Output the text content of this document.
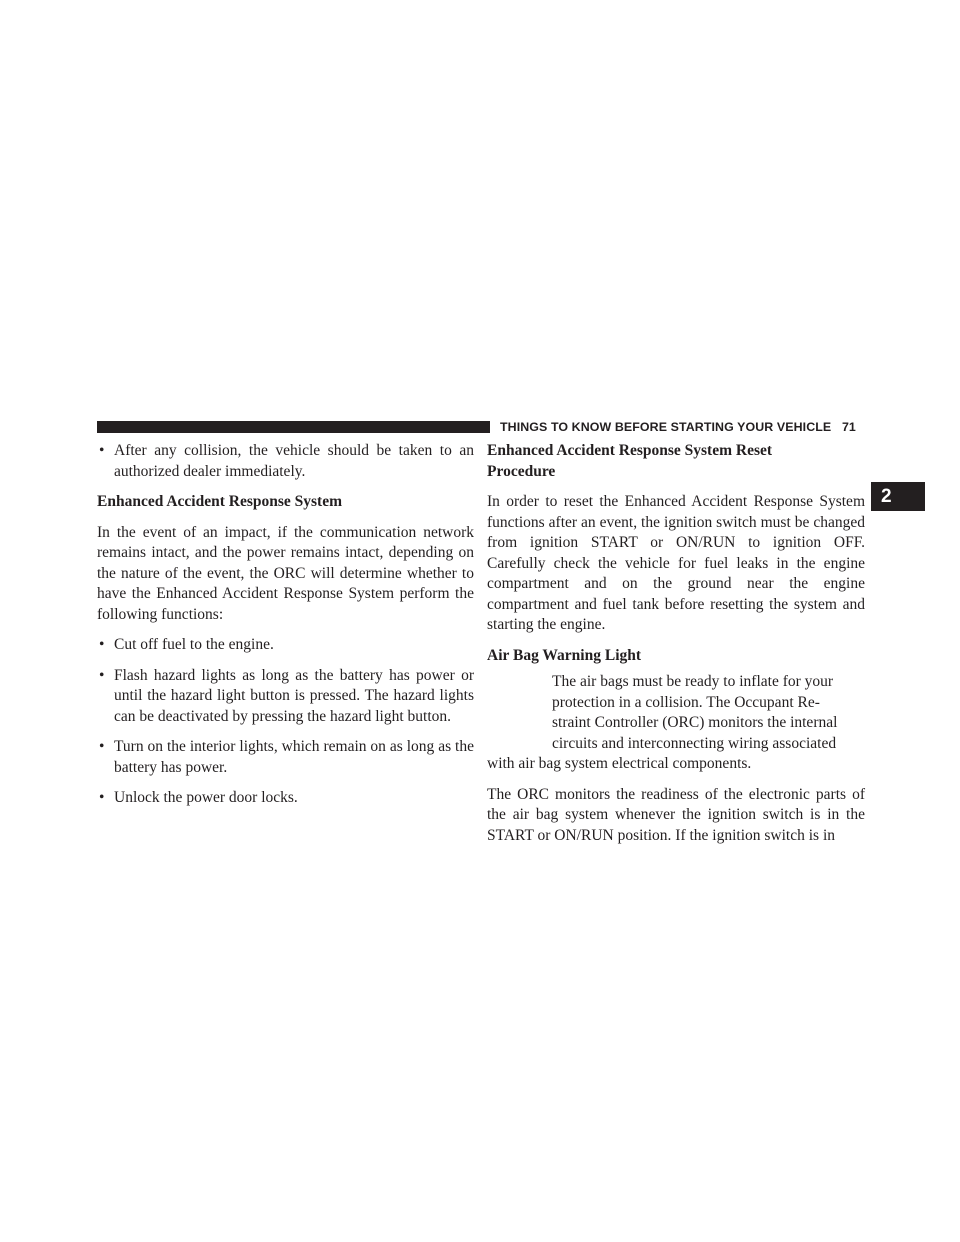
THINGS TO KNOW BEFORE STARTING YOUR VEHICLE 71
2

• After any collision, the vehicle should be taken to an authorized dealer immediately.

Enhanced Accident Response System

In the event of an impact, if the communication network remains intact, and the power remains intact, depending on the nature of the event, the ORC will determine whether to have the Enhanced Accident Response System perform the following functions:

• Cut off fuel to the engine.

• Flash hazard lights as long as the battery has power or until the hazard light button is pressed. The hazard lights can be deactivated by pressing the hazard light button.

• Turn on the interior lights, which remain on as long as the battery has power.

• Unlock the power door locks.

Enhanced Accident Response System Reset
Procedure

In order to reset the Enhanced Accident Response System functions after an event, the ignition switch must be changed from ignition START or ON/RUN to ignition OFF. Carefully check the vehicle for fuel leaks in the engine compartment and on the ground near the engine compartment and fuel tank before resetting the system and starting the engine.

Air Bag Warning Light

The air bags must be ready to inflate for your
protection in a collision. The Occupant Re-
straint Controller (ORC) monitors the internal
circuits and interconnecting wiring associated
with air bag system electrical components.

The ORC monitors the readiness of the electronic parts of the air bag system whenever the ignition switch is in the START or ON/RUN position. If the ignition switch is in
